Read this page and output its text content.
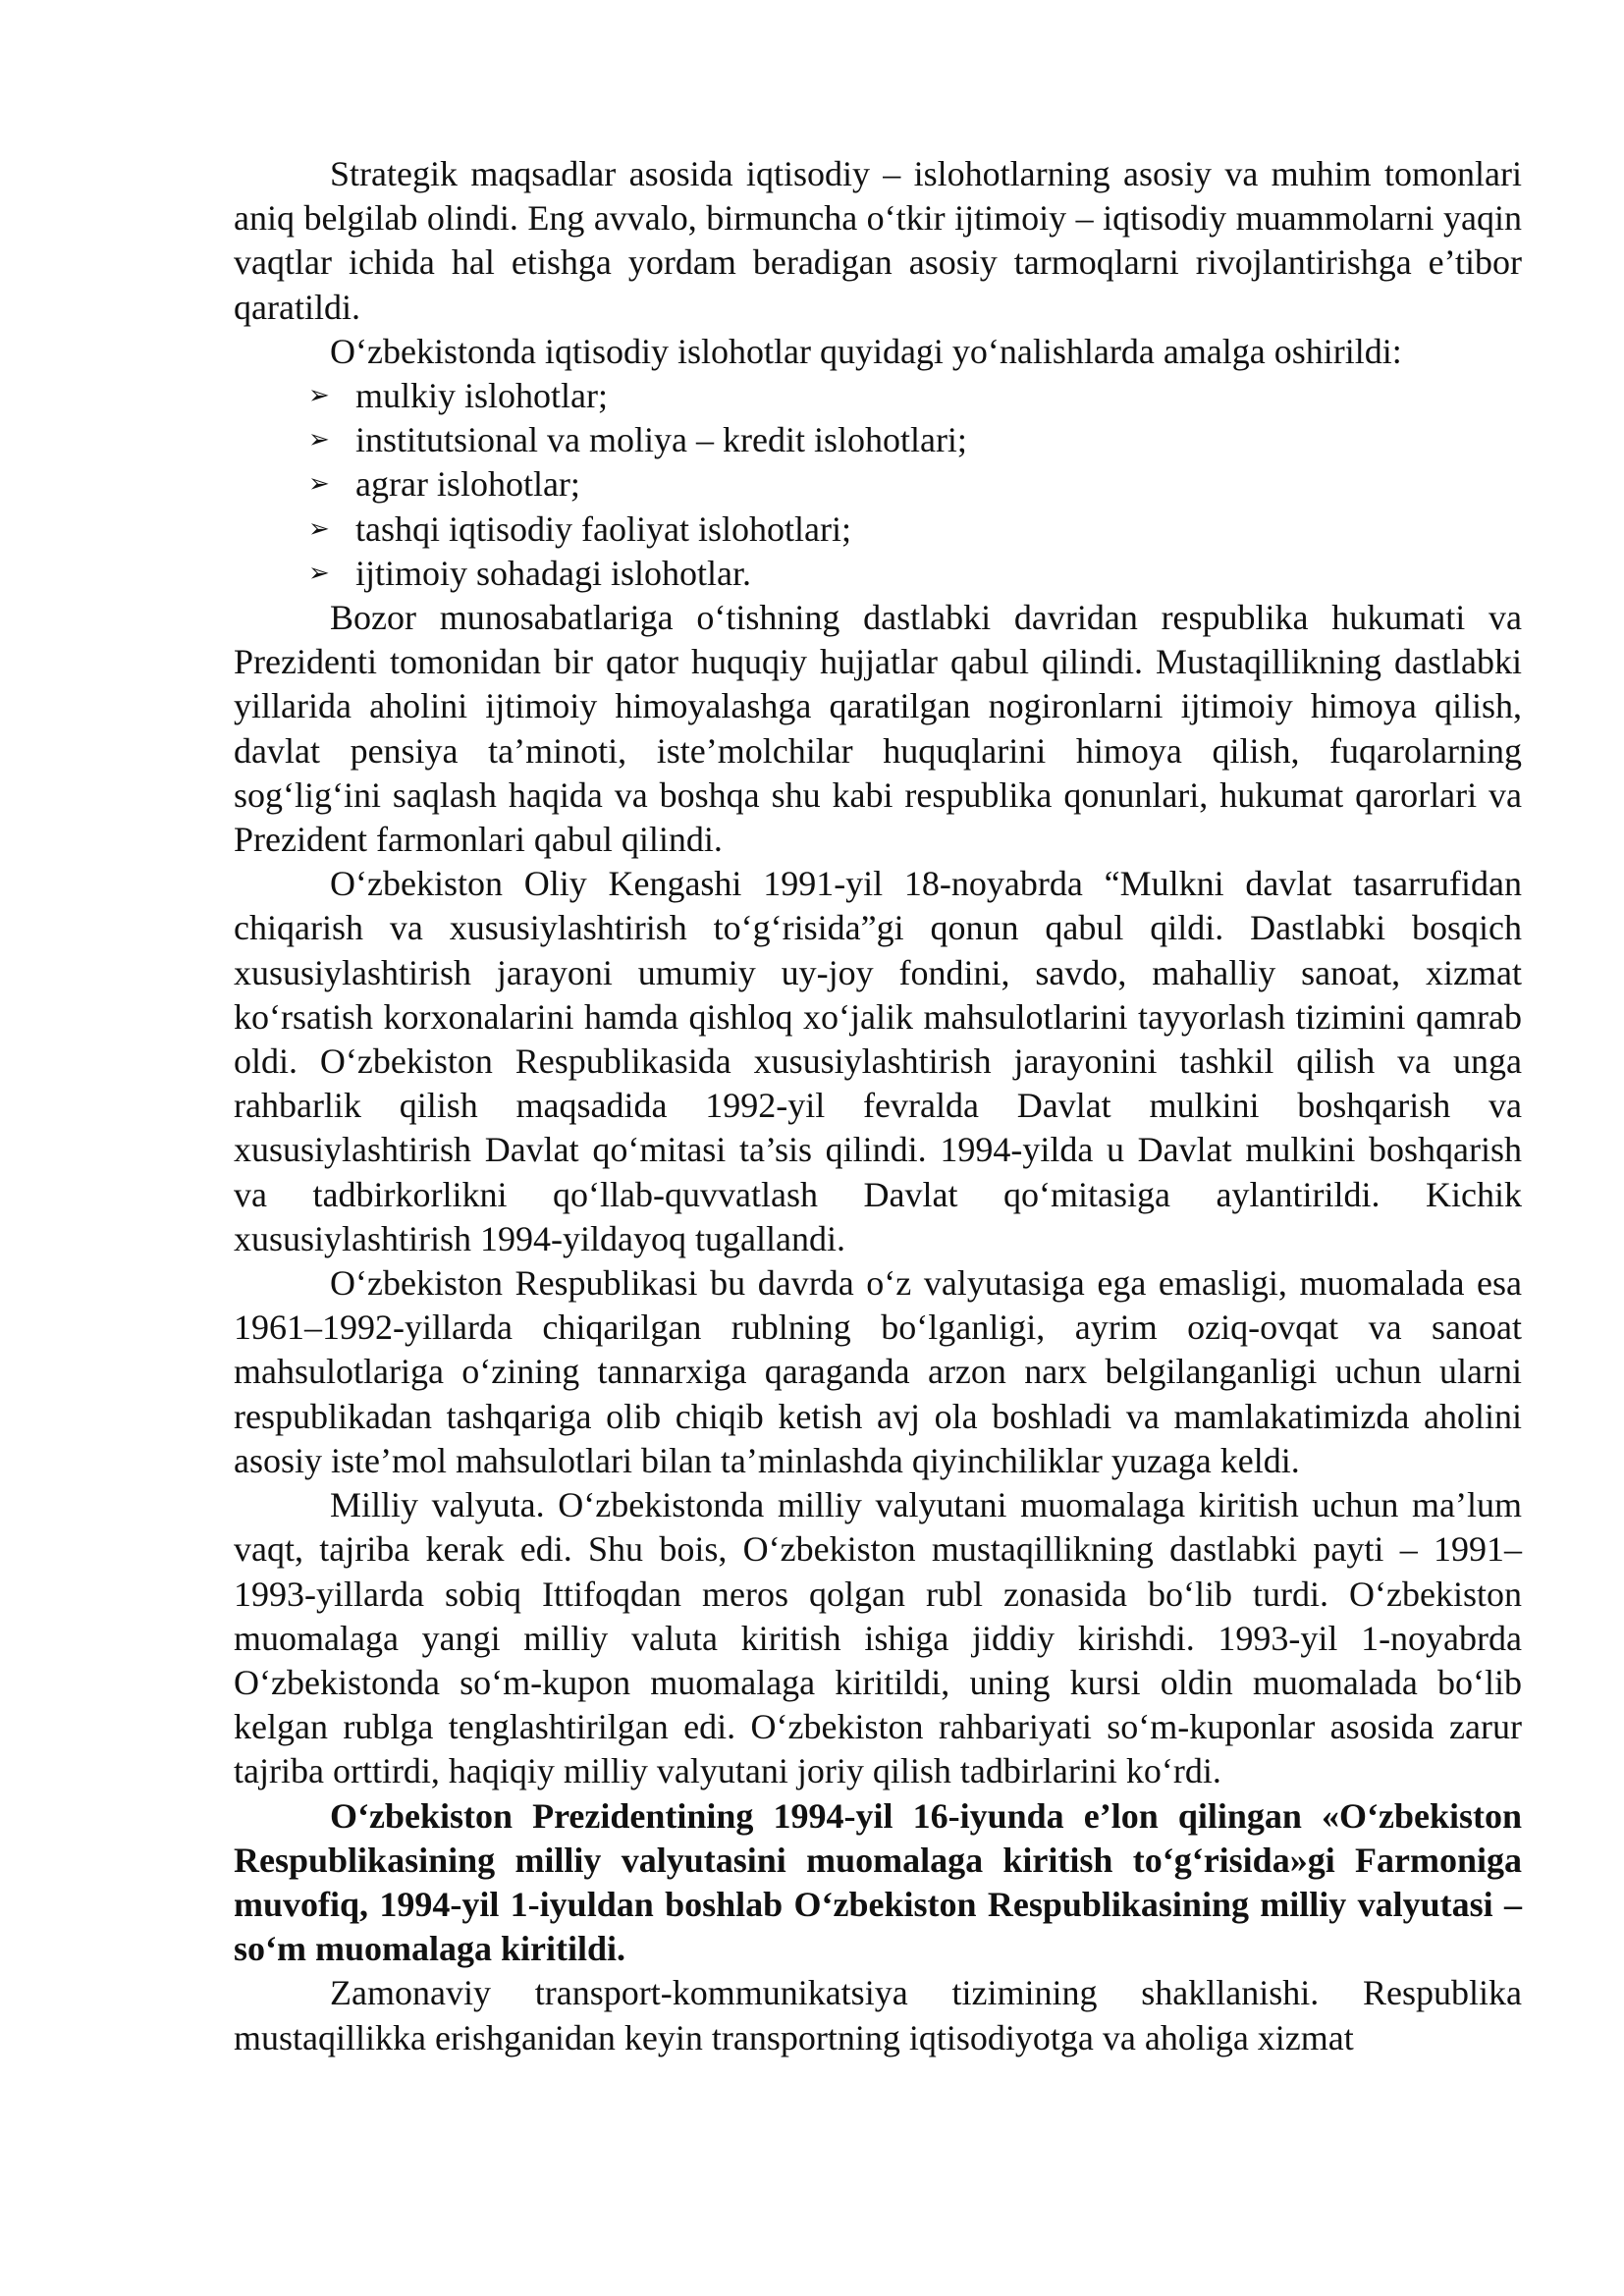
Strategik maqsadlar asosida iqtisodiy – islohotlarning asosiy va muhim tomonlari aniq belgilab olindi. Eng avvalo, birmuncha o‘tkir ijtimoiy – iqtisodiy muammolarni yaqin vaqtlar ichida hal etishga yordam beradigan asosiy tarmoqlarni rivojlantirishga e’tibor qaratildi.

O‘zbekistonda iqtisodiy islohotlar quyidagi yo‘nalishlarda amalga oshirildi:

➢ mulkiy islohotlar;
➢ institutsional va moliya – kredit islohotlari;
➢ agrar islohotlar;
➢ tashqi iqtisodiy faoliyat islohotlari;
➢ ijtimoiy sohadagi islohotlar.

Bozor munosabatlariga o‘tishning dastlabki davridan respublika hukumati va Prezidenti tomonidan bir qator huquqiy hujjatlar qabul qilindi. Mustaqillikning dastlabki yillarida aholini ijtimoiy himoyalashga qaratilgan nogironlarni ijtimoiy himoya qilish, davlat pensiya ta’minoti, iste’molchilar huquqlarini himoya qilish, fuqarolarning sog‘lig‘ini saqlash haqida va boshqa shu kabi respublika qonunlari, hukumat qarorlari va Prezident farmonlari qabul qilindi.

O‘zbekiston Oliy Kengashi 1991-yil 18-noyabrda “Mulkni davlat tasarrufidan chiqarish va xususiylashtirish to‘g‘risida”gi qonun qabul qildi. Dastlabki bosqich xususiylashtirish jarayoni umumiy uy-joy fondini, savdo, mahalliy sanoat, xizmat ko‘rsatish korxonalarini hamda qishloq xo‘jalik mahsulotlarini tayyorlash tizimini qamrab oldi. O‘zbekiston Respublikasida xususiylashtirish jarayonini tashkil qilish va unga rahbarlik qilish maqsadida 1992-yil fevralda Davlat mulkini boshqarish va xususiylashtirish Davlat qo‘mitasi ta’sis qilindi. 1994-yilda u Davlat mulkini boshqarish va tadbirkorlikni qo‘llab-quvvatlash Davlat qo‘mitasiga aylantirildi. Kichik xususiylashtirish 1994-yildayoq tugallandi.

O‘zbekiston Respublikasi bu davrda o‘z valyutasiga ega emasligi, muomalada esa 1961–1992-yillarda chiqarilgan rublning bo‘lganligi, ayrim oziq-ovqat va sanoat mahsulotlariga o‘zining tannarxiga qaraganda arzon narx belgilanganligi uchun ularni respublikadan tashqariga olib chiqib ketish avj ola boshladi va mamlakatimizda aholini asosiy iste’mol mahsulotlari bilan ta’minlashda qiyinchiliklar yuzaga keldi.

Milliy valyuta. O‘zbekistonda milliy valyutani muomalaga kiritish uchun ma’lum vaqt, tajriba kerak edi. Shu bois, O‘zbekiston mustaqillikning dastlabki payti – 1991–1993-yillarda sobiq Ittifoqdan meros qolgan rubl zonasida bo‘lib turdi. O‘zbekiston muomalaga yangi milliy valuta kiritish ishiga jiddiy kirishdi. 1993-yil 1-noyabrda O‘zbekistonda so‘m-kupon muomalaga kiritildi, uning kursi oldin muomalada bo‘lib kelgan rublga tenglashtirilgan edi. O‘zbekiston rahbariyati so‘m-kuponlar asosida zarur tajriba orttirdi, haqiqiy milliy valyutani joriy qilish tadbirlarini ko‘rdi.

O‘zbekiston Prezidentining 1994-yil 16-iyunda e’lon qilingan «O‘zbekiston Respublikasining milliy valyutasini muomalaga kiritish to‘g‘risida»gi Farmoniga muvofiq, 1994-yil 1-iyuldan boshlab O‘zbekiston Respublikasining milliy valyutasi – so‘m muomalaga kiritildi.

Zamonaviy transport-kommunikatsiya tizimining shakllanishi. Respublika mustaqillikka erishganidan keyin transportning iqtisodiyotga va aholiga xizmat
